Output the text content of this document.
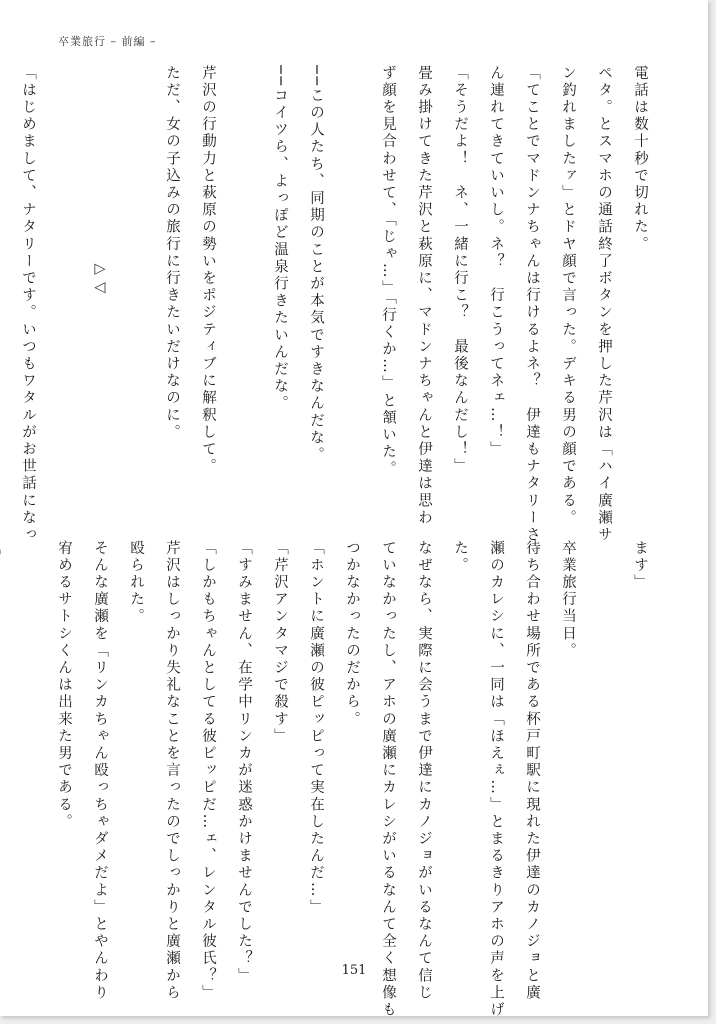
卒業旅行 – 前編 –
電話は数十秒で切れた。
ペタ。とスマホの通話終了ボタンを押した芹沢は「ハイ廣瀬サ
ン釣れましたァ」とドヤ顔で言った。デキる男の顔である。
「てことでマドンナちゃんは行けるよネ？　伊達もナタリーさ
ん連れてきていいし。ネ？　行こうってネェ…！」
「そうだよ！　ネ、一緒に行こ？　最後なんだし！」
畳み掛けてきた芹沢と萩原に、マドンナちゃんと伊達は思わ
ず顔を見合わせて、「じゃ…」「行くか…」と頷いた。

──この人たち、同期のことが本気ですきなんだな。
──コイツら、よっぽど温泉行きたいんだな。

芹沢の行動力と萩原の勢いをポジティブに解釈して。
ただ、女の子込みの旅行に行きたいだけなのに。

▷◁

「はじめまして、ナタリーです。いつもワタルがお世話になっ
ます」

卒業旅行当日。
待ち合わせ場所である杯戸町駅に現れた伊達のカノジョと廣
瀬のカレシに、一同は「ほえぇ…」とまるきりアホの声を上げ
た。
なぜなら、実際に会うまで伊達にカノジョがいるなんて信じ
ていなかったし、アホの廣瀬にカレシがいるなんて全く想像も
つかなかったのだから。
「ホントに廣瀬の彼ピッピって実在したんだ…」
「芹沢アンタマジで殺す」
「すみません、在学中リンカが迷惑かけませんでした？」
「しかもちゃんとしてる彼ピッピだ…ェ、レンタル彼氏？」
芹沢はしっかり失礼なことを言ったのでしっかりと廣瀬から
殴られた。
そんな廣瀬を「リンカちゃん殴っちゃダメだよ」とやんわり
宥めるサトシくんは出来た男である。

151
